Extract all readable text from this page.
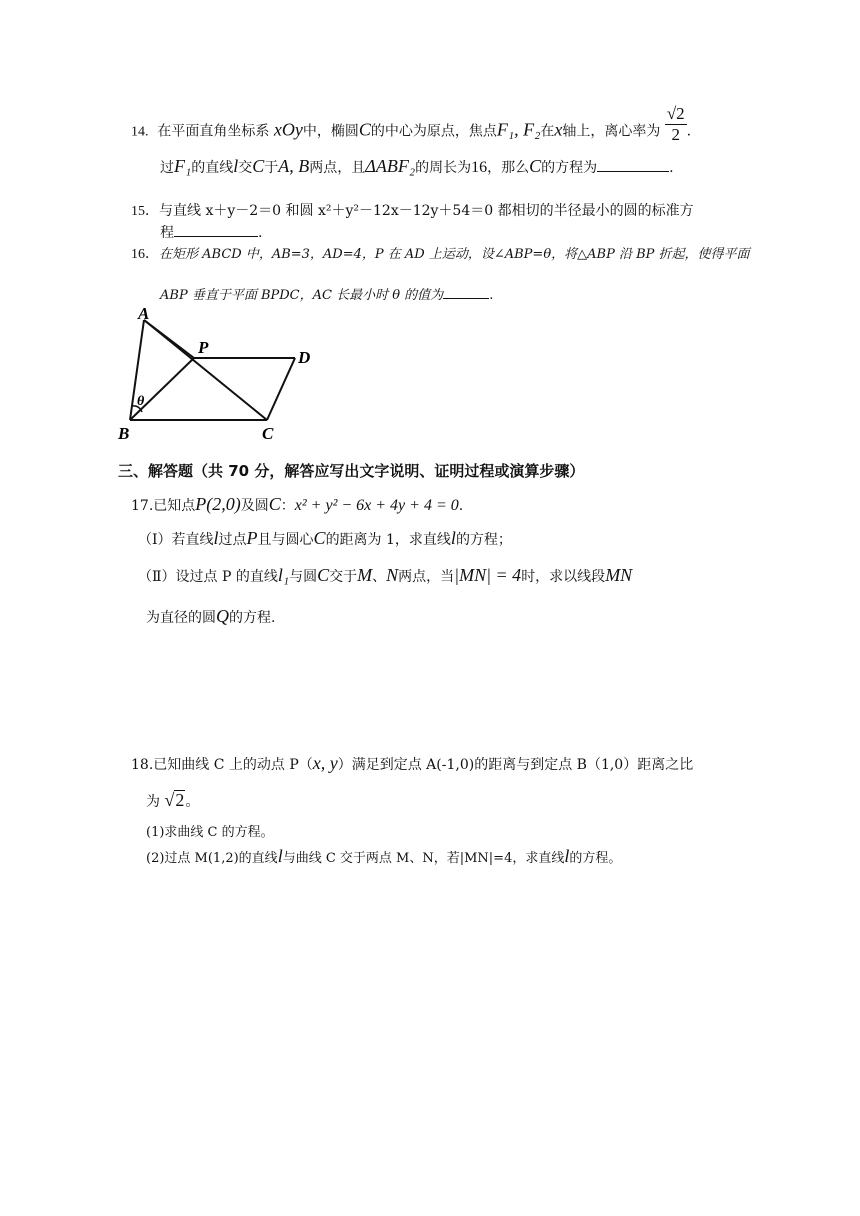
14. 在平面直角坐标系 xOy中，椭圆C的中心为原点，焦点F₁, F₂在x轴上，离心率为 $\frac{√2}{2}$ .
过F₁的直线l交C于A, B两点，且ΔABF₂的周长为16，那么C的方程为	.
15．与直线 x＋y－2＝0 和圆 x²＋y²－12x－12y＋54＝0 都相切的半径最小的圆的标准方
程	.
16．在矩形 ABCD 中，AB=3，AD=4，P 在 AD 上运动，设∠ABP=θ，将△ABP 沿 BP 折起，使得平面
ABP 垂直于平面 BPDC，AC 长最小时 θ 的值为	.
A
P
D
B	C
θ
三、解答题（共 70 分，解答应写出文字说明、证明过程或演算步骤）
17.已知点P(2,0)及圆C：x² + y² − 6x + 4y + 4 = 0.
（Ⅰ）若直线l过点P且与圆心C的距离为 1，求直线l的方程；
（Ⅱ）设过点 P 的直线l₁与圆C交于M、N两点，当|MN| = 4时，求以线段MN
为直径的圆Q的方程.
18.已知曲线 C 上的动点 P（x, y）满足到定点 A(-1,0)的距离与到定点 B（1,0）距离之比
为 √2。
(1)求曲线 C 的方程。
(2)过点 M(1,2)的直线l与曲线 C 交于两点 M、N，若|MN|=4，求直线l的方程。
